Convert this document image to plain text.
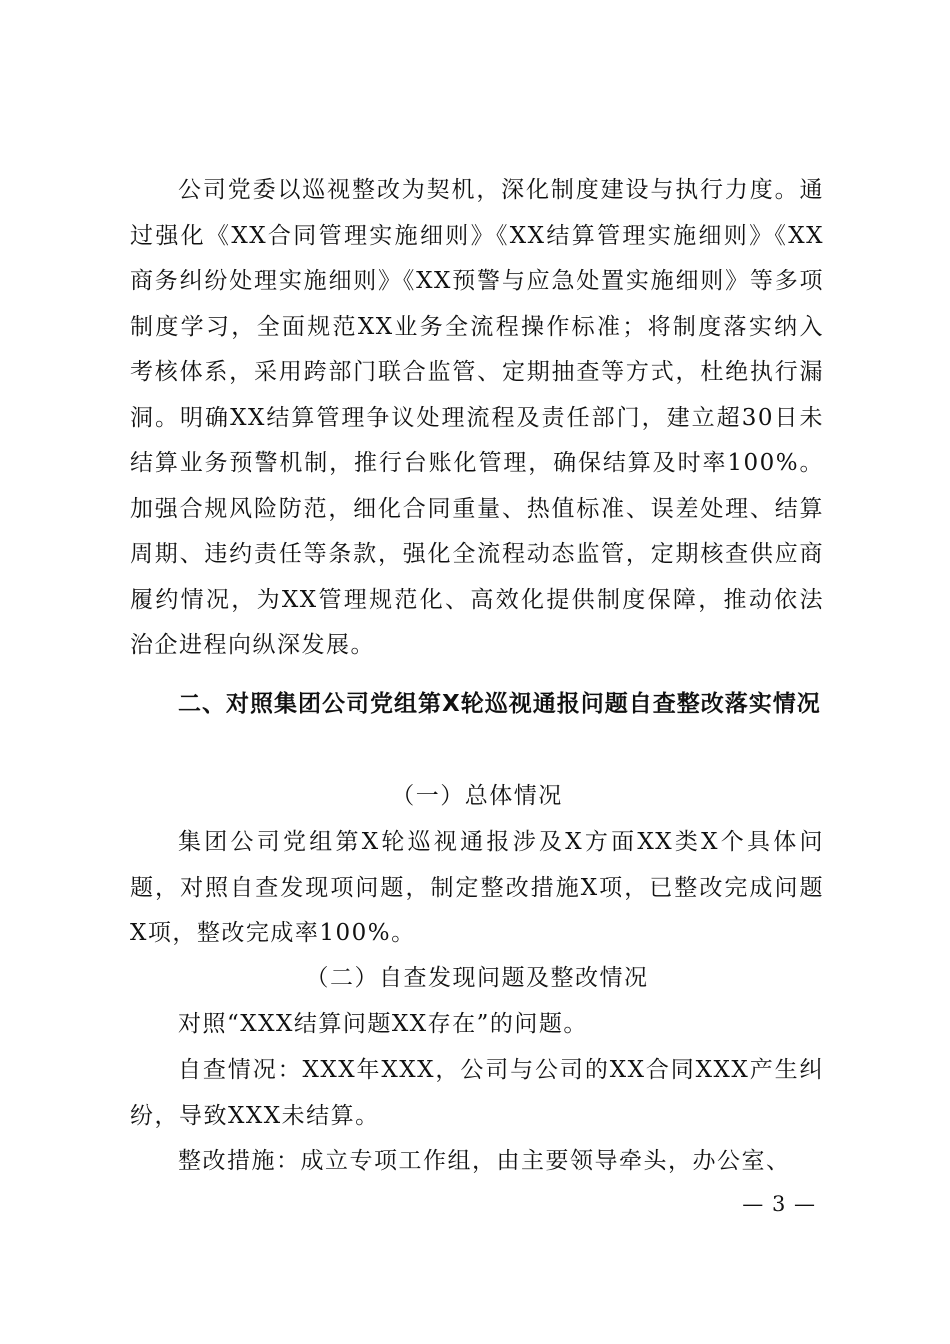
公司党委以巡视整改为契机，深化制度建设与执行力度。通过强化《XX合同管理实施细则》《XX结算管理实施细则》《XX商务纠纷处理实施细则》《XX预警与应急处置实施细则》等多项制度学习，全面规范XX业务全流程操作标准；将制度落实纳入考核体系，采用跨部门联合监管、定期抽查等方式，杜绝执行漏洞。明确XX结算管理争议处理流程及责任部门，建立超30日未结算业务预警机制，推行台账化管理，确保结算及时率100%。加强合规风险防范，细化合同重量、热值标准、误差处理、结算周期、违约责任等条款，强化全流程动态监管，定期核查供应商履约情况，为XX管理规范化、高效化提供制度保障，推动依法治企进程向纵深发展。

二、对照集团公司党组第X轮巡视通报问题自查整改落实情况

（一）总体情况

集团公司党组第X轮巡视通报涉及X方面XX类X个具体问题，对照自查发现项问题，制定整改措施X项，已整改完成问题X项，整改完成率100%。

（二）自查发现问题及整改情况

对照“XXX结算问题XX存在”的问题。

自查情况：XXX年XXX，公司与公司的XX合同XXX产生纠纷，导致XXX未结算。

整改措施：成立专项工作组，由主要领导牵头，办公室、

— 3 —
